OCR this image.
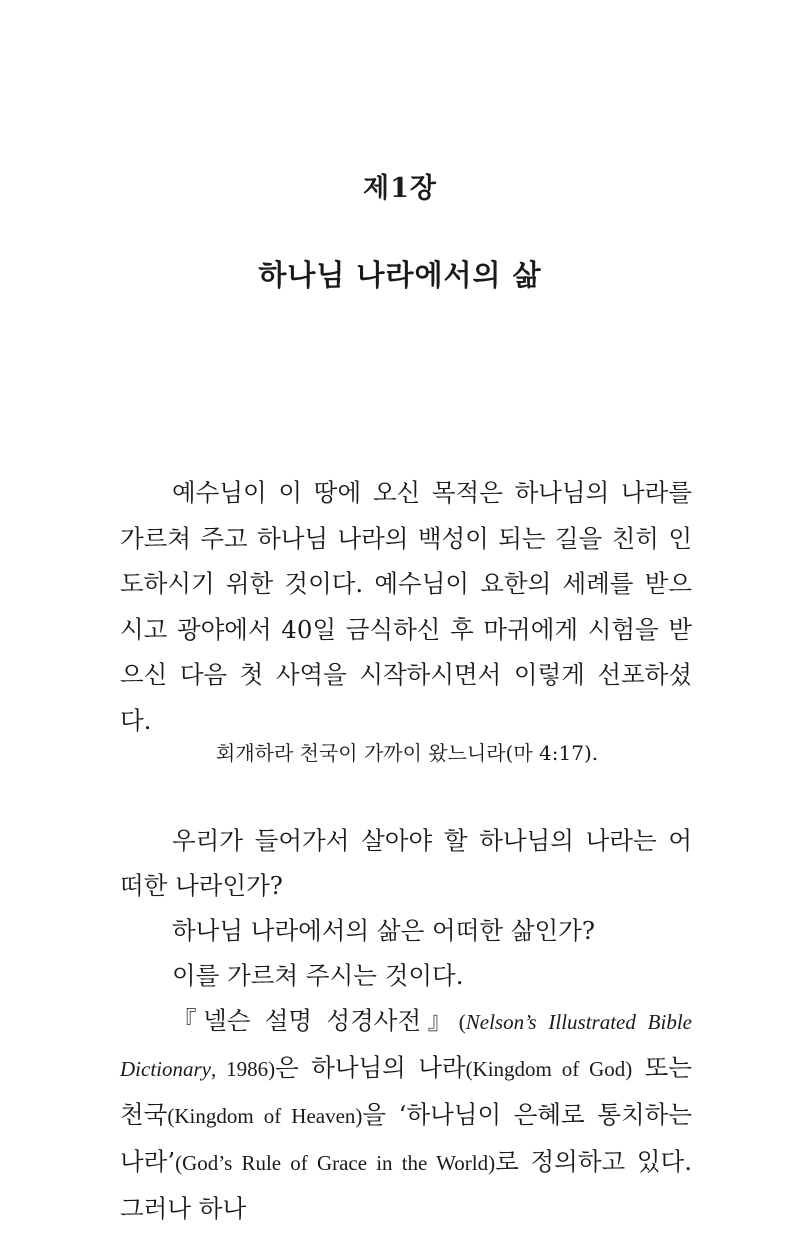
제1장
하나님 나라에서의 삶

예수님이 이 땅에 오신 목적은 하나님의 나라를 가르쳐 주고 하나님 나라의 백성이 되는 길을 친히 인도하시기 위한 것이다. 예수님이 요한의 세례를 받으시고 광야에서 40일 금식하신 후 마귀에게 시험을 받으신 다음 첫 사역을 시작하시면서 이렇게 선포하셨다.

회개하라 천국이 가까이 왔느니라(마 4:17).

우리가 들어가서 살아야 할 하나님의 나라는 어떠한 나라인가?

하나님 나라에서의 삶은 어떠한 삶인가?

이를 가르쳐 주시는 것이다.

『넬슨 설명 성경사전』(Nelson’s Illustrated Bible Dictionary, 1986)은 하나님의 나라(Kingdom of God) 또는 천국(Kingdom of Heaven)을 ‘하나님이 은혜로 통치하는 나라’(God’s Rule of Grace in the World)로 정의하고 있다. 그러나 하나
